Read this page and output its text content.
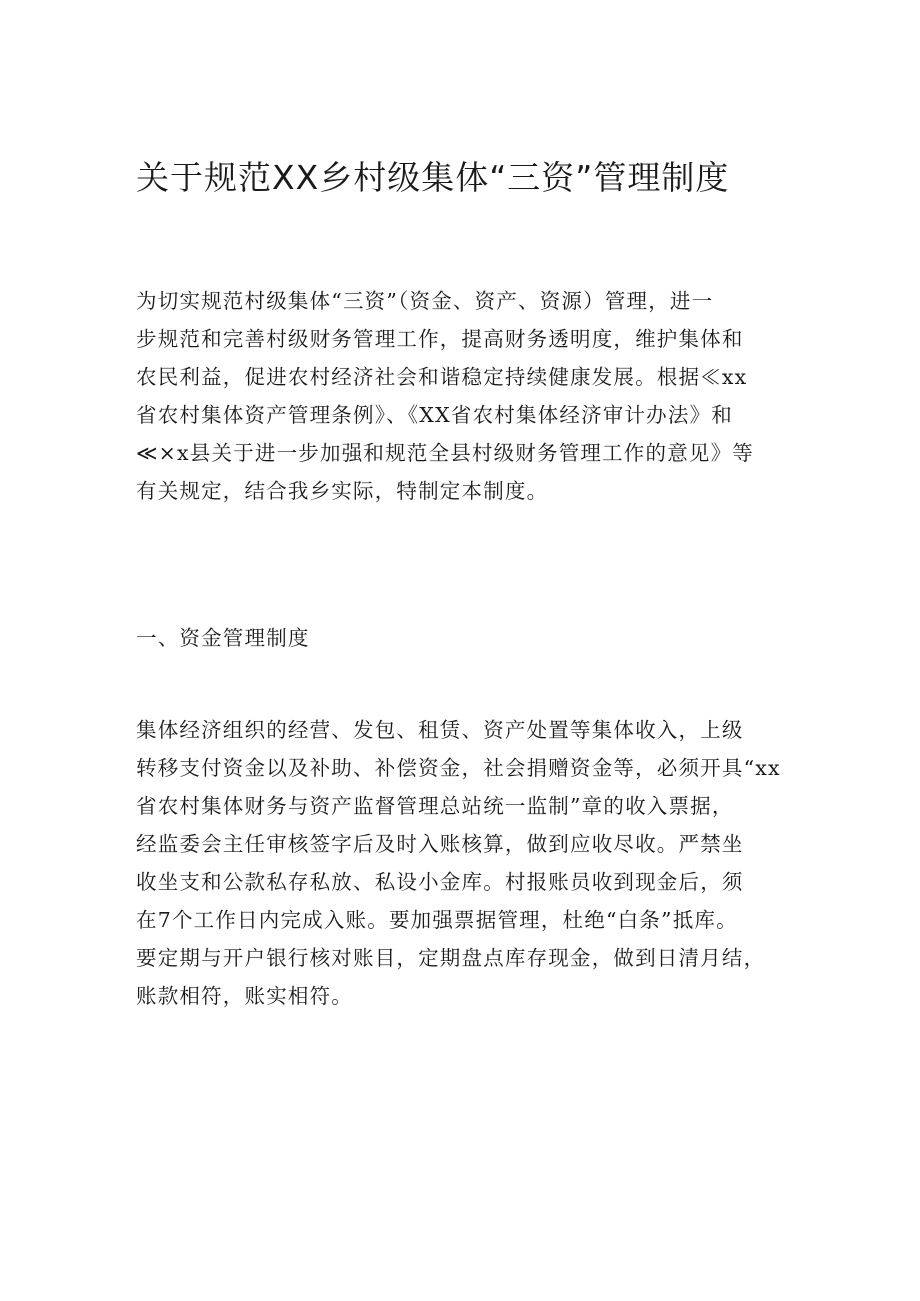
关于规范XX乡村级集体“三资”管理制度

为切实规范村级集体“三资”（资金、资产、资源）管理，进一
步规范和完善村级财务管理工作，提高财务透明度，维护集体和
农民利益，促进农村经济社会和谐稳定持续健康发展。根据≪xx
省农村集体资产管理条例》、《XX省农村集体经济审计办法》和
≪×x县关于进一步加强和规范全县村级财务管理工作的意见》等
有关规定，结合我乡实际，特制定本制度。

一、资金管理制度

集体经济组织的经营、发包、租赁、资产处置等集体收入，上级
转移支付资金以及补助、补偿资金，社会捐赠资金等，必须开具“xx
省农村集体财务与资产监督管理总站统一监制”章的收入票据，
经监委会主任审核签字后及时入账核算，做到应收尽收。严禁坐
收坐支和公款私存私放、私设小金库。村报账员收到现金后，须
在7个工作日内完成入账。要加强票据管理，杜绝“白条”抵库。
要定期与开户银行核对账目，定期盘点库存现金，做到日清月结，
账款相符，账实相符。
